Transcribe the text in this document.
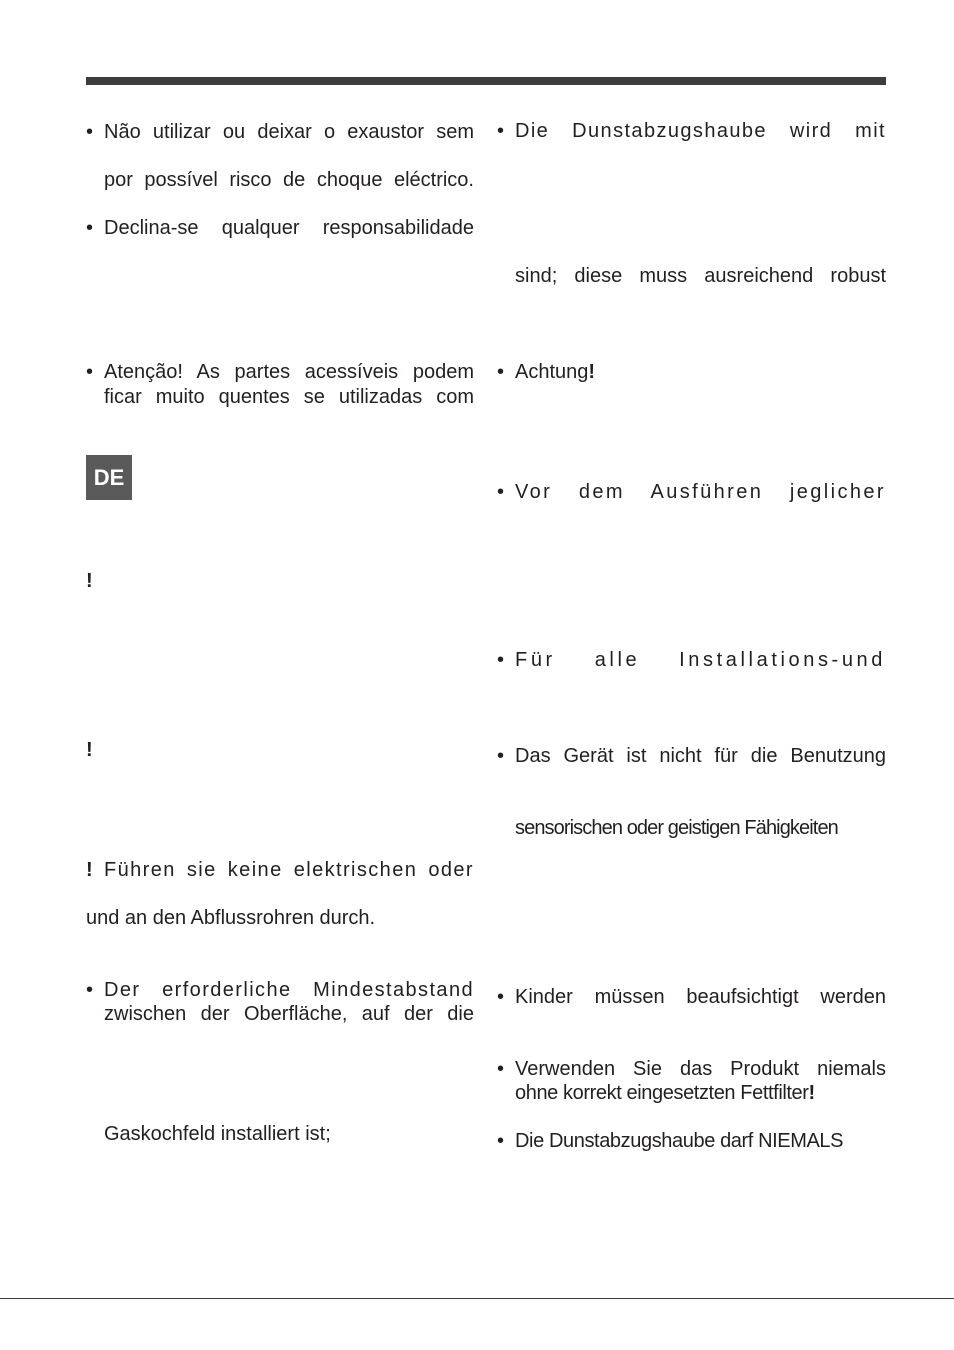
• Não utilizar ou deixar o exaustor sem
por possível risco de choque eléctrico.
• Declina-se qualquer responsabilidade
• Atenção! As partes acessíveis podem
ficar muito quentes se utilizadas com
DE
!
!
! Führen sie keine elektrischen oder
und an den Abflussrohren durch.
• Der erforderliche Mindestabstand
zwischen der Oberfläche, auf der die
Gaskochfeld installiert ist;
• Die Dunstabzugshaube wird mit
sind; diese muss ausreichend robust
• Achtung!
• Vor dem Ausführen jeglicher
• Für alle Installations-und
• Das Gerät ist nicht für die Benutzung
sensorischen oder geistigen Fähigkeiten
• Kinder müssen beaufsichtigt werden
• Verwenden Sie das Produkt niemals
ohne korrekt eingesetzten Fettfilter!
• Die Dunstabzugshaube darf NIEMALS
